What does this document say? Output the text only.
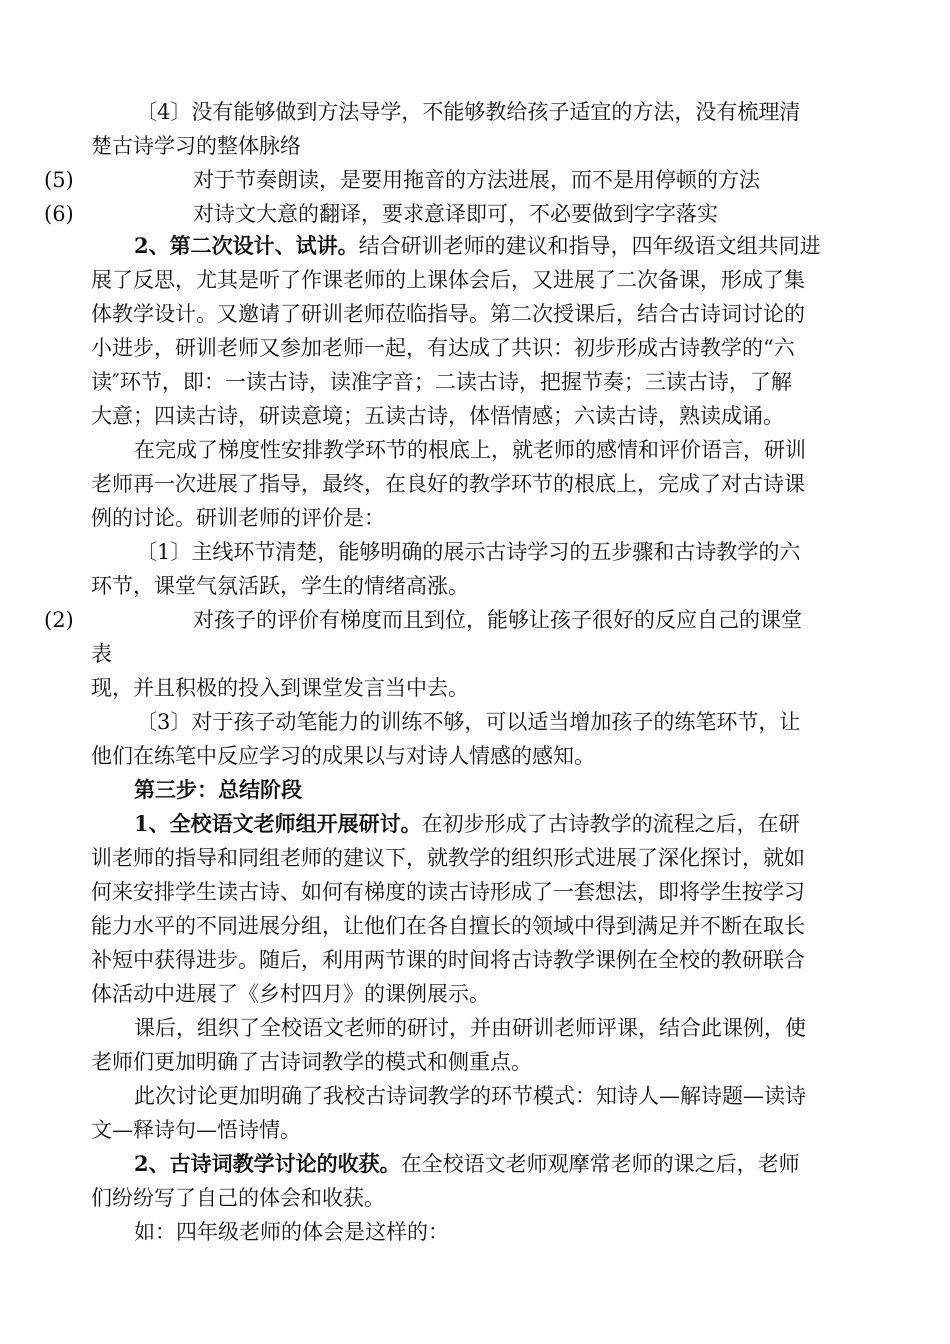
〔4〕没有能够做到方法导学，不能够教给孩子适宜的方法，没有梳理清
楚古诗学习的整体脉络
(5)	对于节奏朗读，是要用拖音的方法进展，而不是用停顿的方法
(6)	对诗文大意的翻译，要求意译即可，不必要做到字字落实
2、第二次设计、试讲。结合研训老师的建议和指导，四年级语文组共同进
展了反思，尤其是听了作课老师的上课体会后，又进展了二次备课，形成了集
体教学设计。又邀请了研训老师莅临指导。第二次授课后，结合古诗词讨论的
小进步，研训老师又参加老师一起，有达成了共识：初步形成古诗教学的“六
读″环节，即：一读古诗，读准字音；二读古诗，把握节奏；三读古诗，了解
大意；四读古诗，研读意境；五读古诗，体悟情感；六读古诗，熟读成诵。
在完成了梯度性安排教学环节的根底上，就老师的感情和评价语言，研训
老师再一次进展了指导，最终，在良好的教学环节的根底上，完成了对古诗课
例的讨论。研训老师的评价是：
〔1〕主线环节清楚，能够明确的展示古诗学习的五步骤和古诗教学的六
环节，课堂气氛活跃，学生的情绪高涨。
(2)	对孩子的评价有梯度而且到位，能够让孩子很好的反应自己的课堂
表
现，并且积极的投入到课堂发言当中去。
〔3〕对于孩子动笔能力的训练不够，可以适当增加孩子的练笔环节，让
他们在练笔中反应学习的成果以与对诗人情感的感知。
第三步：总结阶段
1、全校语文老师组开展研讨。在初步形成了古诗教学的流程之后，在研
训老师的指导和同组老师的建议下，就教学的组织形式进展了深化探讨，就如
何来安排学生读古诗、如何有梯度的读古诗形成了一套想法，即将学生按学习
能力水平的不同进展分组，让他们在各自擅长的领域中得到满足并不断在取长
补短中获得进步。随后，利用两节课的时间将古诗教学课例在全校的教研联合
体活动中进展了《乡村四月》的课例展示。
课后，组织了全校语文老师的研讨，并由研训老师评课，结合此课例，使
老师们更加明确了古诗词教学的模式和侧重点。
此次讨论更加明确了我校古诗词教学的环节模式：知诗人—解诗题—读诗
文—释诗句—悟诗情。
2、古诗词教学讨论的收获。在全校语文老师观摩常老师的课之后，老师
们纷纷写了自己的体会和收获。
如：四年级老师的体会是这样的：
